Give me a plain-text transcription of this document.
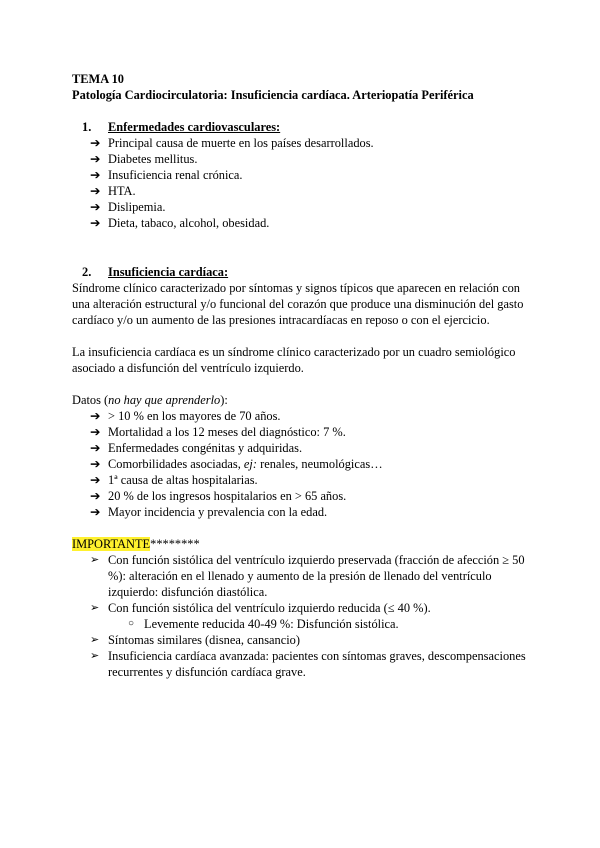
TEMA 10
Patología Cardiocirculatoria: Insuficiencia cardíaca. Arteriopatía Periférica
1. Enfermedades cardiovasculares:
➔ Principal causa de muerte en los países desarrollados.
➔ Diabetes mellitus.
➔ Insuficiencia renal crónica.
➔ HTA.
➔ Dislipemia.
➔ Dieta, tabaco, alcohol, obesidad.
2. Insuficiencia cardíaca:
Síndrome clínico caracterizado por síntomas y signos típicos que aparecen en relación con una alteración estructural y/o funcional del corazón que produce una disminución del gasto cardíaco y/o un aumento de las presiones intracardíacas en reposo o con el ejercicio.
La insuficiencia cardíaca es un síndrome clínico caracterizado por un cuadro semiológico asociado a disfunción del ventrículo izquierdo.
Datos (no hay que aprenderlo):
➔ > 10 % en los mayores de 70 años.
➔ Mortalidad a los 12 meses del diagnóstico: 7 %.
➔ Enfermedades congénitas y adquiridas.
➔ Comorbilidades asociadas, ej: renales, neumológicas…
➔ 1ª causa de altas hospitalarias.
➔ 20 % de los ingresos hospitalarios en > 65 años.
➔ Mayor incidencia y prevalencia con la edad.
IMPORTANTE********
➢ Con función sistólica del ventrículo izquierdo preservada (fracción de afección ≥ 50 %): alteración en el llenado y aumento de la presión de llenado del ventrículo izquierdo: disfunción diastólica.
➢ Con función sistólica del ventrículo izquierdo reducida (≤ 40 %).
○ Levemente reducida 40-49 %: Disfunción sistólica.
➢ Síntomas similares (disnea, cansancio)
➢ Insuficiencia cardíaca avanzada: pacientes con síntomas graves, descompensaciones recurrentes y disfunción cardíaca grave.
